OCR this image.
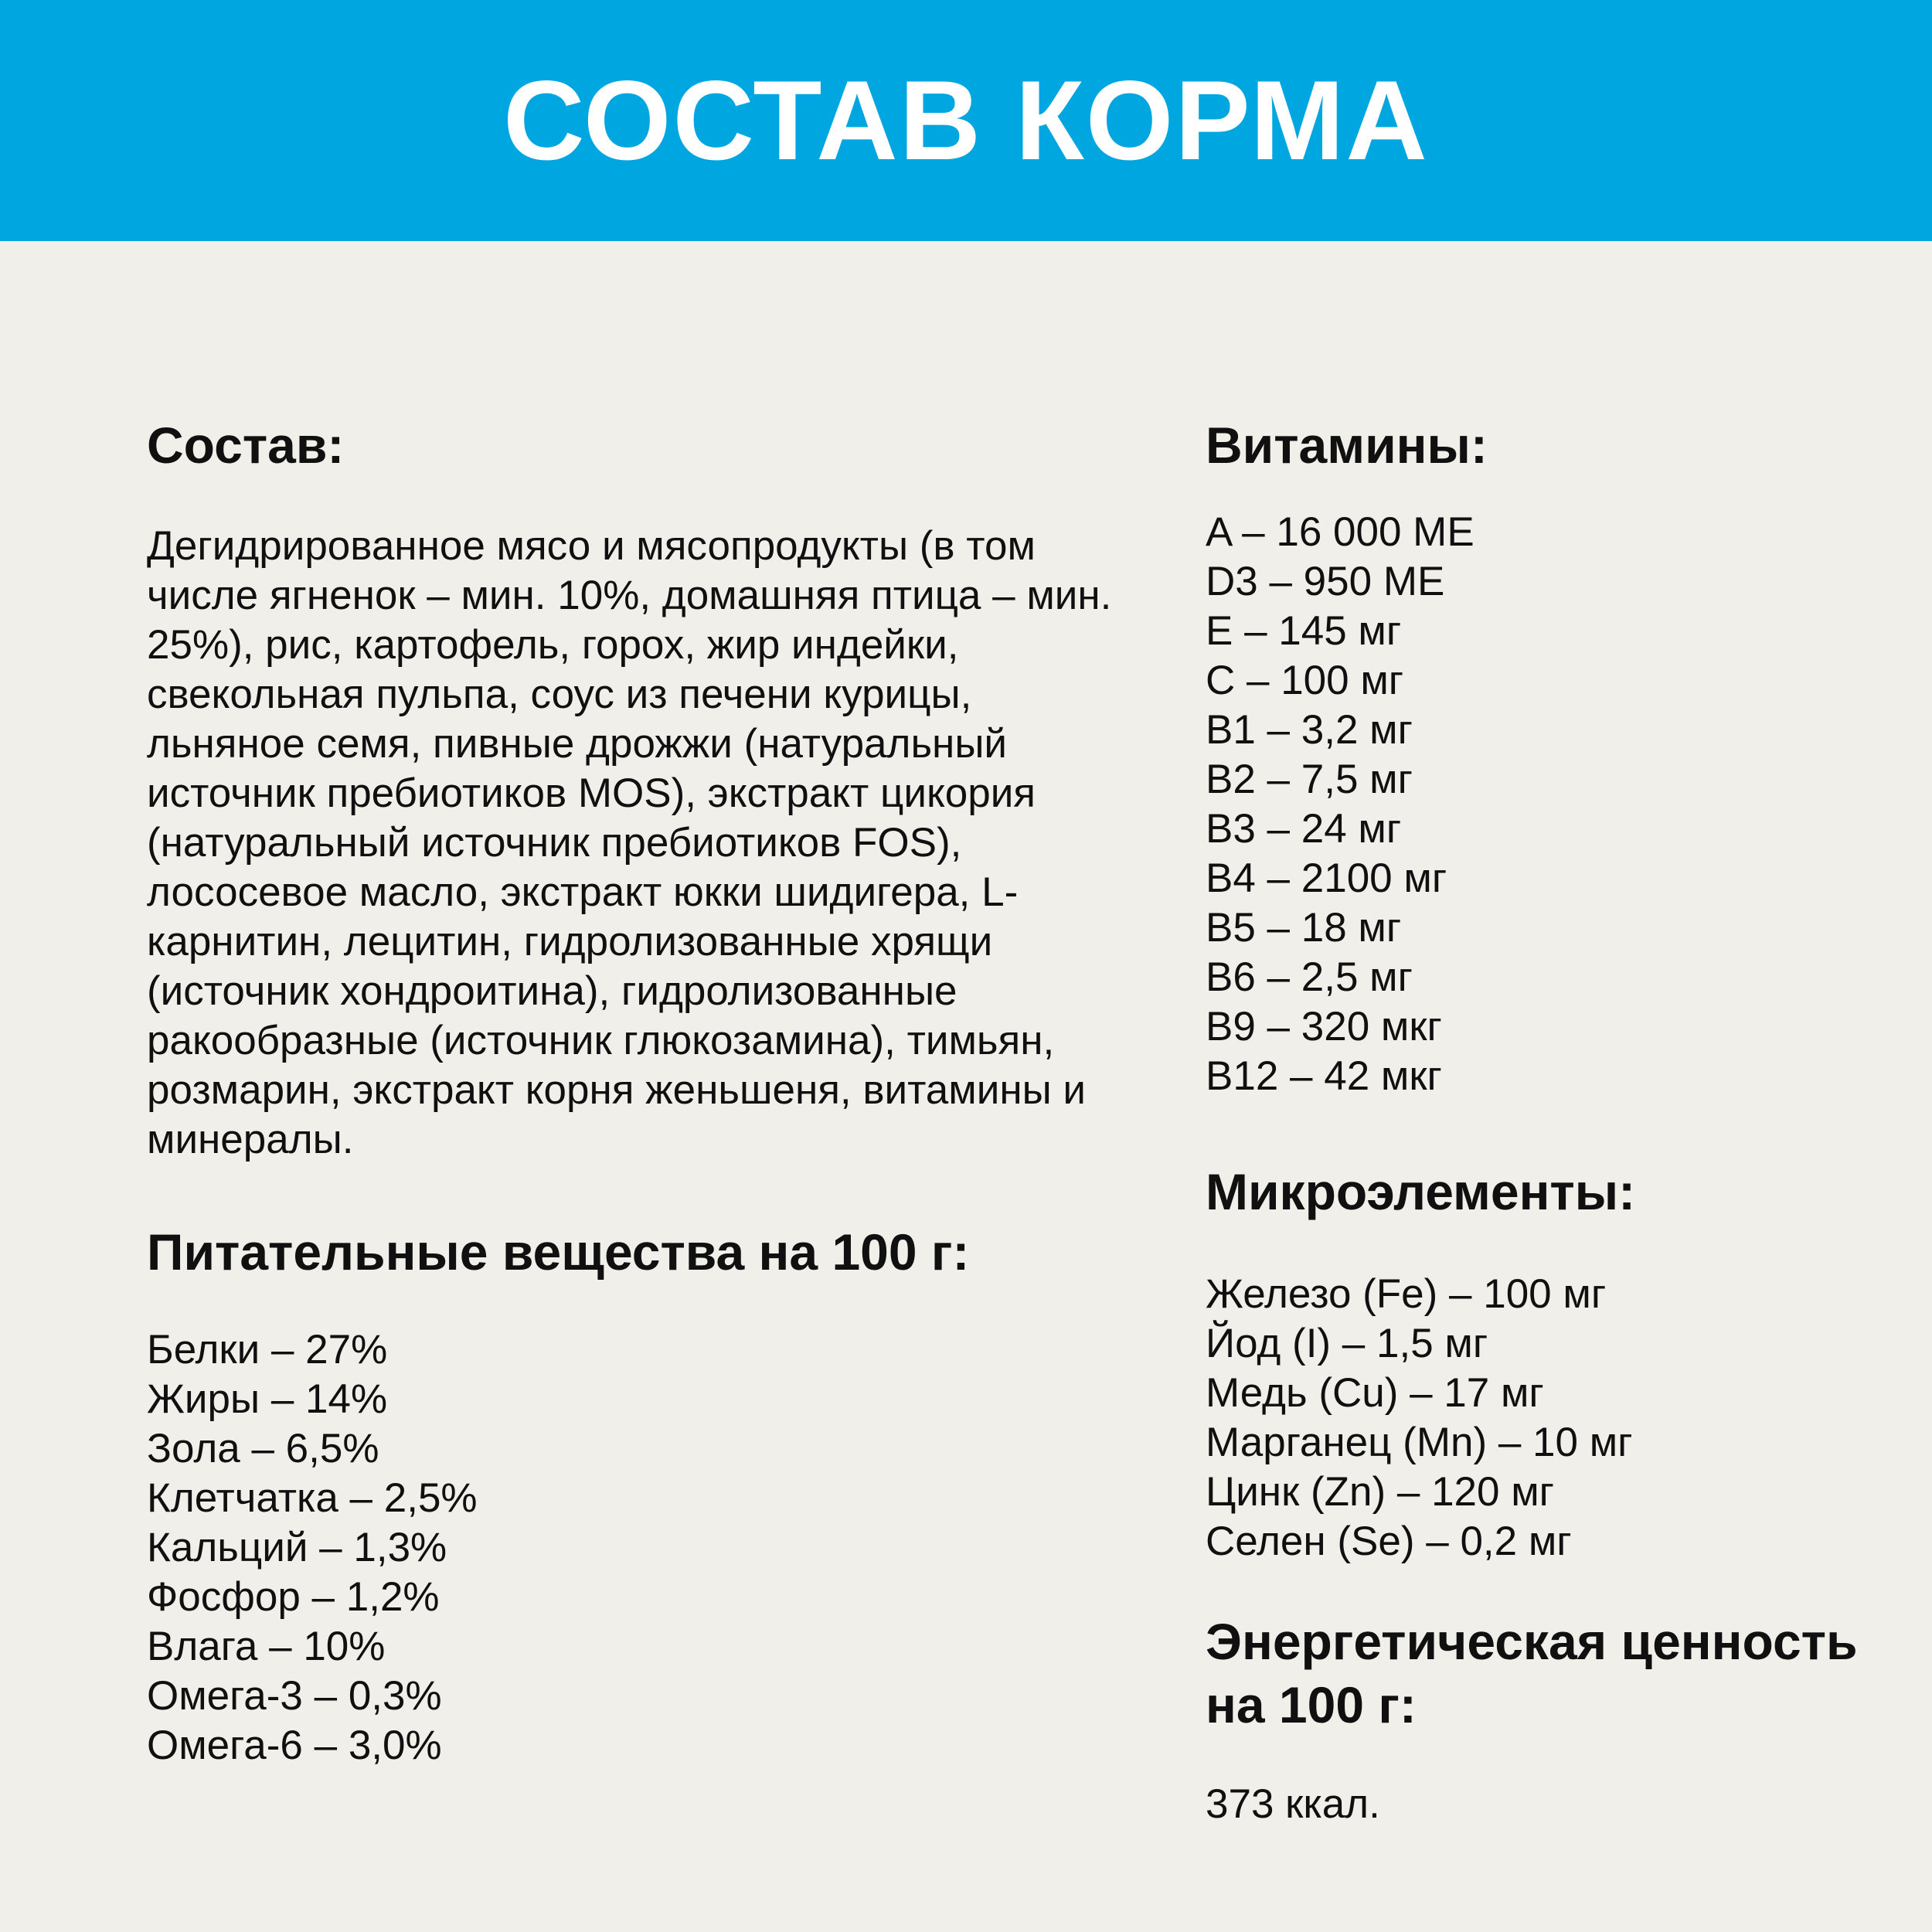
СОСТАВ КОРМА
Состав:
Дегидрированное мясо и мясопродукты (в том числе ягненок – мин. 10%, домашняя птица – мин. 25%), рис, картофель, горох, жир индейки, свекольная пульпа, соус из печени курицы, льняное семя, пивные дрожжи (натуральный источник пребиотиков MOS), экстракт цикория (натуральный источник пребиотиков FOS), лососевое масло, экстракт юкки шидигера, L-карнитин, лецитин, гидролизованные хрящи (источник хондроитина), гидролизованные ракообразные (источник глюкозамина), тимьян, розмарин, экстракт корня женьшеня, витамины и минералы.
Питательные вещества на 100 г:
Белки – 27%
Жиры – 14%
Зола – 6,5%
Клетчатка – 2,5%
Кальций – 1,3%
Фосфор – 1,2%
Влага – 10%
Омега-3 – 0,3%
Омега-6 – 3,0%
Витамины:
A – 16 000 МЕ
D3 – 950 МЕ
E – 145 мг
C – 100 мг
B1 – 3,2 мг
B2 – 7,5 мг
B3 – 24 мг
B4 – 2100 мг
B5 – 18 мг
B6 – 2,5 мг
B9 – 320 мкг
B12 – 42 мкг
Микроэлементы:
Железо (Fe) – 100 мг
Йод (I) – 1,5 мг
Медь (Cu) – 17 мг
Марганец (Mn) – 10 мг
Цинк (Zn) – 120 мг
Селен (Se) – 0,2 мг
Энергетическая ценность на 100 г:
373 ккал.
